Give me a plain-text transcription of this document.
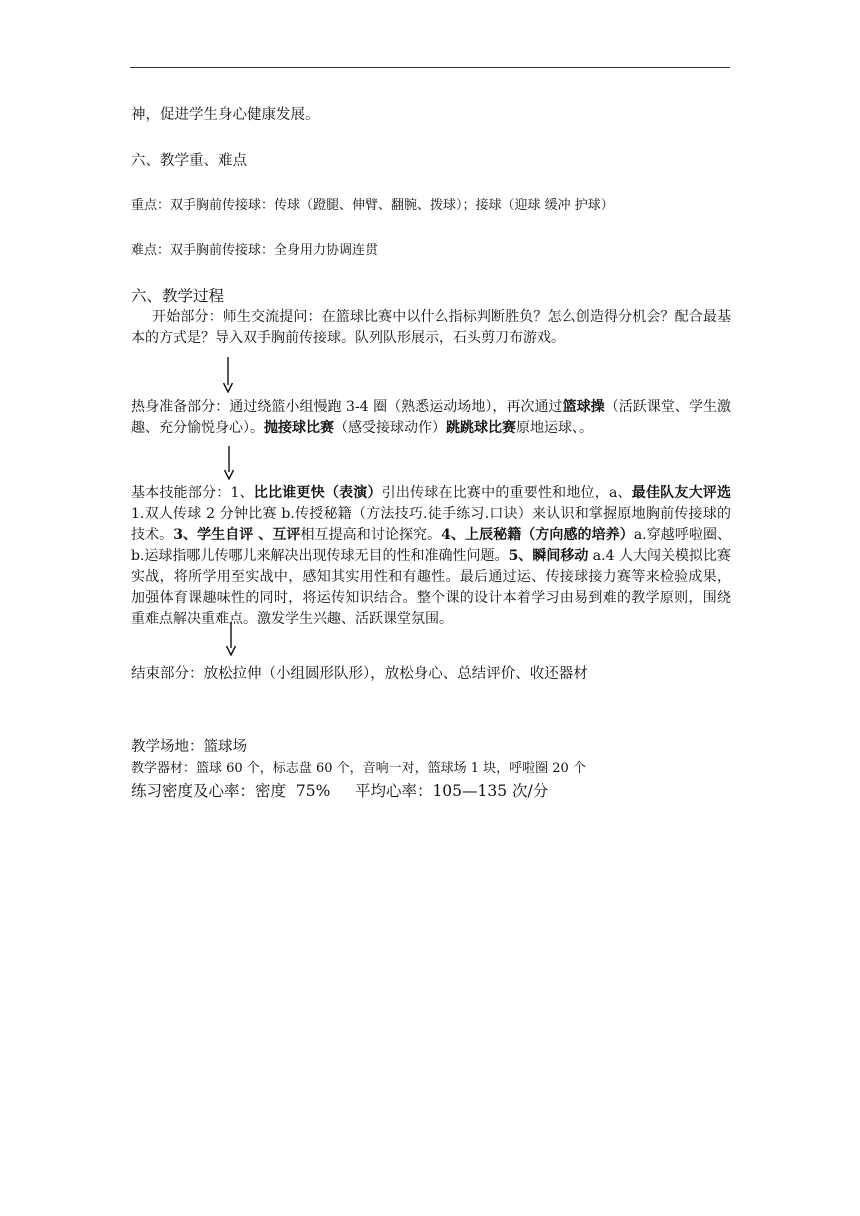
神，促进学生身心健康发展。

六、教学重、难点

重点：双手胸前传接球：传球（蹬腿、伸臂、翻腕、拨球）；接球（迎球 缓冲 护球）

难点：双手胸前传接球：全身用力协调连贯

六、教学过程

开始部分：师生交流提问：在篮球比赛中以什么指标判断胜负？怎么创造得分机会？配合最基本的方式是？导入双手胸前传接球。队列队形展示，石头剪刀布游戏。

热身准备部分：通过绕篮小组慢跑 3-4 圈（熟悉运动场地），再次通过篮球操（活跃课堂、学生激趣、充分愉悦身心）。抛接球比赛（感受接球动作）跳跳球比赛原地运球、。

基本技能部分：1、比比谁更快（表演）引出传球在比赛中的重要性和地位，a、最佳队友大评选1.双人传球 2 分钟比赛 b.传授秘籍（方法技巧.徒手练习.口诀）来认识和掌握原地胸前传接球的技术。3、学生自评 、互评相互提高和讨论探究。4、上辰秘籍（方向感的培养）a.穿越呼啦圈、b.运球指哪儿传哪儿来解决出现传球无目的性和准确性问题。5、瞬间移动 a.4 人大闯关模拟比赛实战，将所学用至实战中，感知其实用性和有趣性。最后通过运、传接球接力赛等来检验成果，加强体育课趣味性的同时，将运传知识结合。整个课的设计本着学习由易到难的教学原则，围绕重难点解决重难点。激发学生兴趣、活跃课堂氛围。

结束部分：放松拉伸（小组圆形队形），放松身心、总结评价、收还器材

教学场地：篮球场

教学器材：篮球 60 个，标志盘 60 个，音响一对，篮球场 1 块，呼啦圈 20 个

练习密度及心率：密度  75%     平均心率：105—135 次/分
